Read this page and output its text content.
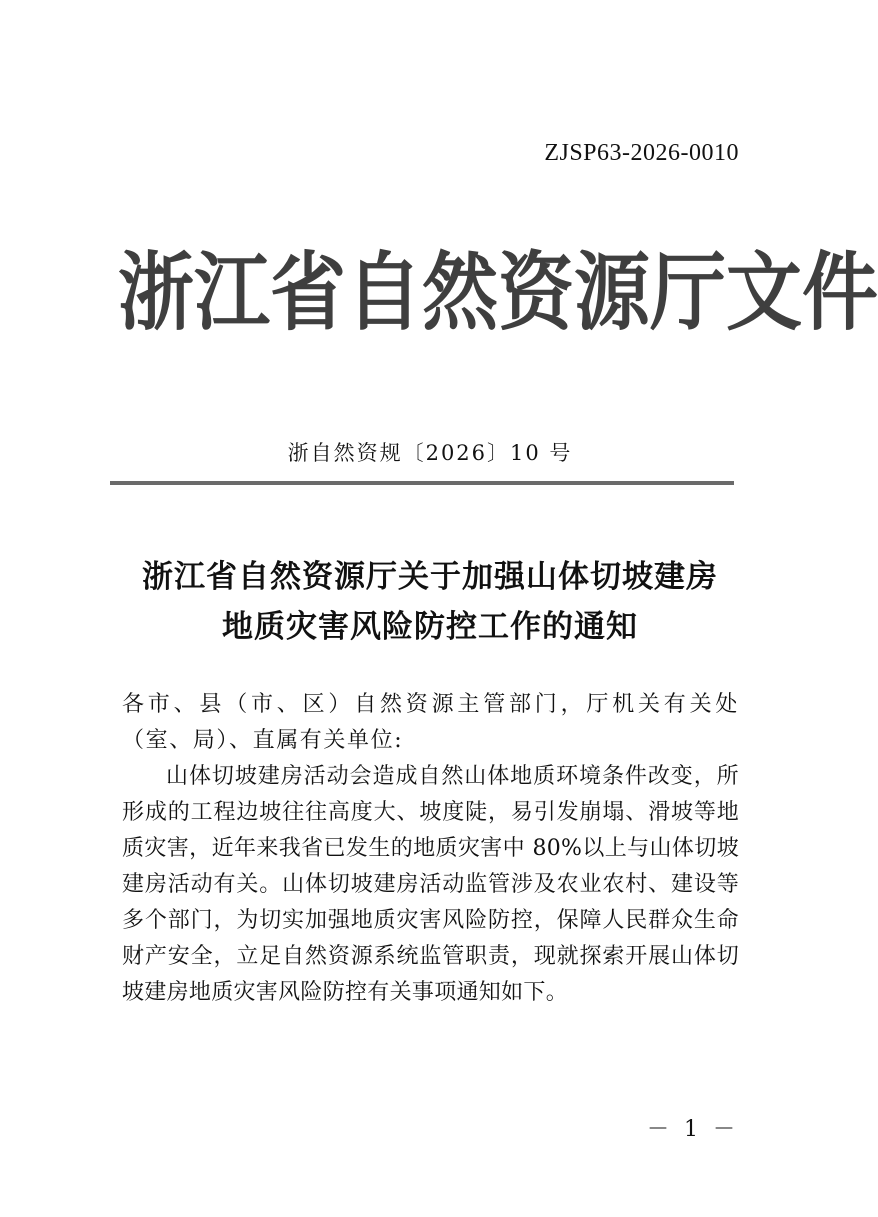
ZJSP63-2026-0010
浙 江 省 自 然 资 源 厅 文 件
浙自然资规〔2026〕10 号
浙江省自然资源厅关于加强山体切坡建房
地质灾害风险防控工作的通知

各市、县（市、区）自然资源主管部门，厅机关有关处（室、局）、直属有关单位:

山体切坡建房活动会造成自然山体地质环境条件改变，所形成的工程边坡往往高度大、坡度陡，易引发崩塌、滑坡等地质灾害，近年来我省已发生的地质灾害中 80%以上与山体切坡建房活动有关。山体切坡建房活动监管涉及农业农村、建设等多个部门，为切实加强地质灾害风险防控，保障人民群众生命财产安全，立足自然资源系统监管职责，现就探索开展山体切坡建房地质灾害风险防控有关事项通知如下。

－ 1 －
